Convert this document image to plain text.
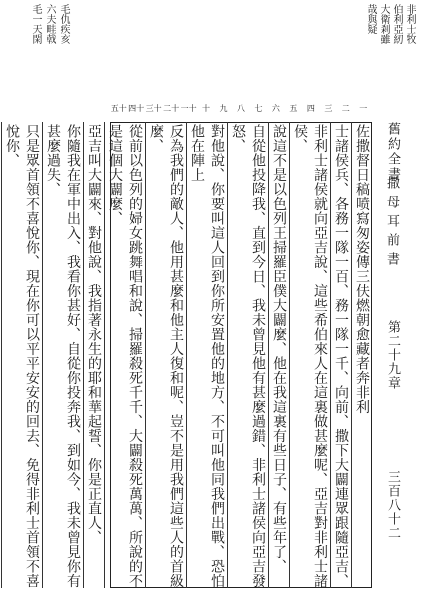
非利士牧
伯利亞紉
大衛剎雖
哉與疑
舊約全書
撒母耳前書
第二十九章
三百八十二
一
二
三
四
五
六
七
八
九
十
一十
二十
三十
四十
五十
佐撒督日稿喷寫匆姿傳三伕燃朝愈藏者奔非利
士諸侯兵、各務一隊一百、務一隊一千、向前、撒下大闢連眾跟隨亞吉、
非利士諸侯就向亞吉說、這些希伯來人在這裏做甚麼呢、亞吉對非利士諸侯、
說這不是以色列王掃羅臣僕大闢麼、他在我這裏有些日子、有些年了、
自從他投降我、直到今日、我未曾見他有甚麼過錯、非利士諸侯向亞吉發怒、
對他說、你要叫這人回到你所安置他的地方、不可叫他同我們出戰、恐怕他在陣上
反為我們的敵人、他用甚麼和他主人復和呢、豈不是用我們這些人的首級麼、
從前以色列的婦女跳舞唱和說、掃羅殺死千千、大闢殺死萬萬、所說的不是這個大闢麼、
亞吉叫大闢來、對他說、我指著永生的耶和華起誓、你是正直人、
你隨我在軍中出入、我看你甚好、自從你投奔我、到如今、我未曾見你有甚麼過失、
只是眾首領不喜悅你、現在你可以平平安安的回去、免得非利士首領不喜悅你、
毛仇疾亥
六夫畦戟
毛一天閑
